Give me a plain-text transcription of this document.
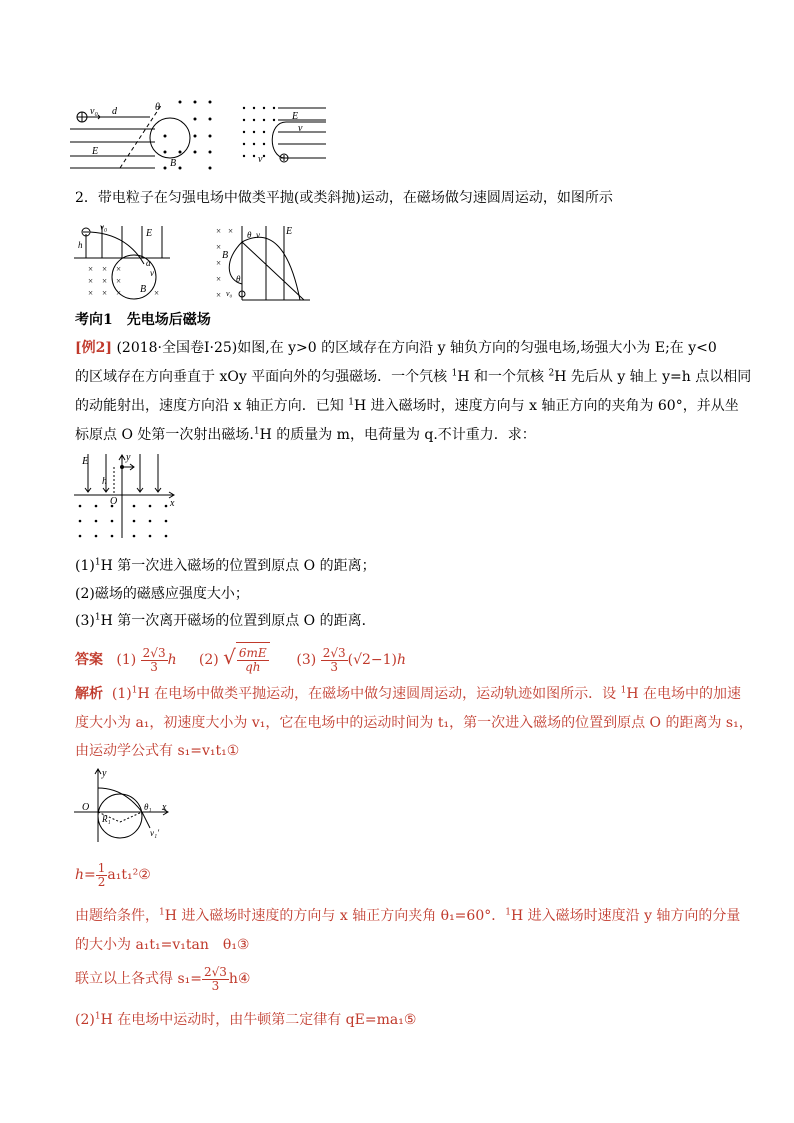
v₀ d	θ
E
B
E
v
v
2．带电粒子在匀强电场中做类平抛(或类斜抛)运动，在磁场做匀速圆周运动，如图所示
× × ×
× × ×
× × ×	×
v₀
E
h
α
v
B
× ×
×
×
×
×
θ v	E
B
θ
v₀
考向1　先电场后磁场
[例2] (2018·全国卷Ⅰ·25)如图,在 y>0 的区域存在方向沿 y 轴负方向的匀强电场,场强大小为 E;在 y<0
的区域存在方向垂直于 xOy 平面向外的匀强磁场．一个氕核 $^1$H 和一个氘核 $^2$H 先后从 y 轴上 y=h 点以相同
的动能射出，速度方向沿 x 轴正方向．已知 $^1$H 进入磁场时，速度方向与 x 轴正方向的夹角为 60°，并从坐
标原点 O 处第一次射出磁场.$^1$H 的质量为 m，电荷量为 q.不计重力．求：
E	y
h
O	x
$(1)^1H$ 第一次进入磁场的位置到原点 O 的距离；
(2)磁场的磁感应强度大小；
$(3)^1H$ 第一次离开磁场的位置到原点 O 的距离．
答案 $(1) \frac{2√3}{3}$ h (2) √ $\frac{6mE}{qh} (3) \frac{2√3}{3} (√2-1)h$
解析 $(1)^1H$ 在电场中做类平抛运动，在磁场中做匀速圆周运动，运动轨迹如图所示．设 $^1$H 在电场中的加速
度大小为 a₁，初速度大小为 v₁，它在电场中的运动时间为 t₁，第一次进入磁场的位置到原点 O 的距离为 s₁，
由运动学公式有 s₁=v₁t₁①
y
O	θ₁ x
R₁
v₁′
$h= \frac{1}{2}$ a₁t₁²②
由题给条件，$^1$H 进入磁场时速度的方向与 x 轴正方向夹角 θ₁=60°．$^1$H 进入磁场时速度沿 y 轴方向的分量
的大小为 a₁t₁=v₁tan　θ₁③
联立以上各式得 $s_1= \frac{2√3}{3}$ h④
$(2)^1H$ 在电场中运动时，由牛顿第二定律有 qE=ma₁⑤
